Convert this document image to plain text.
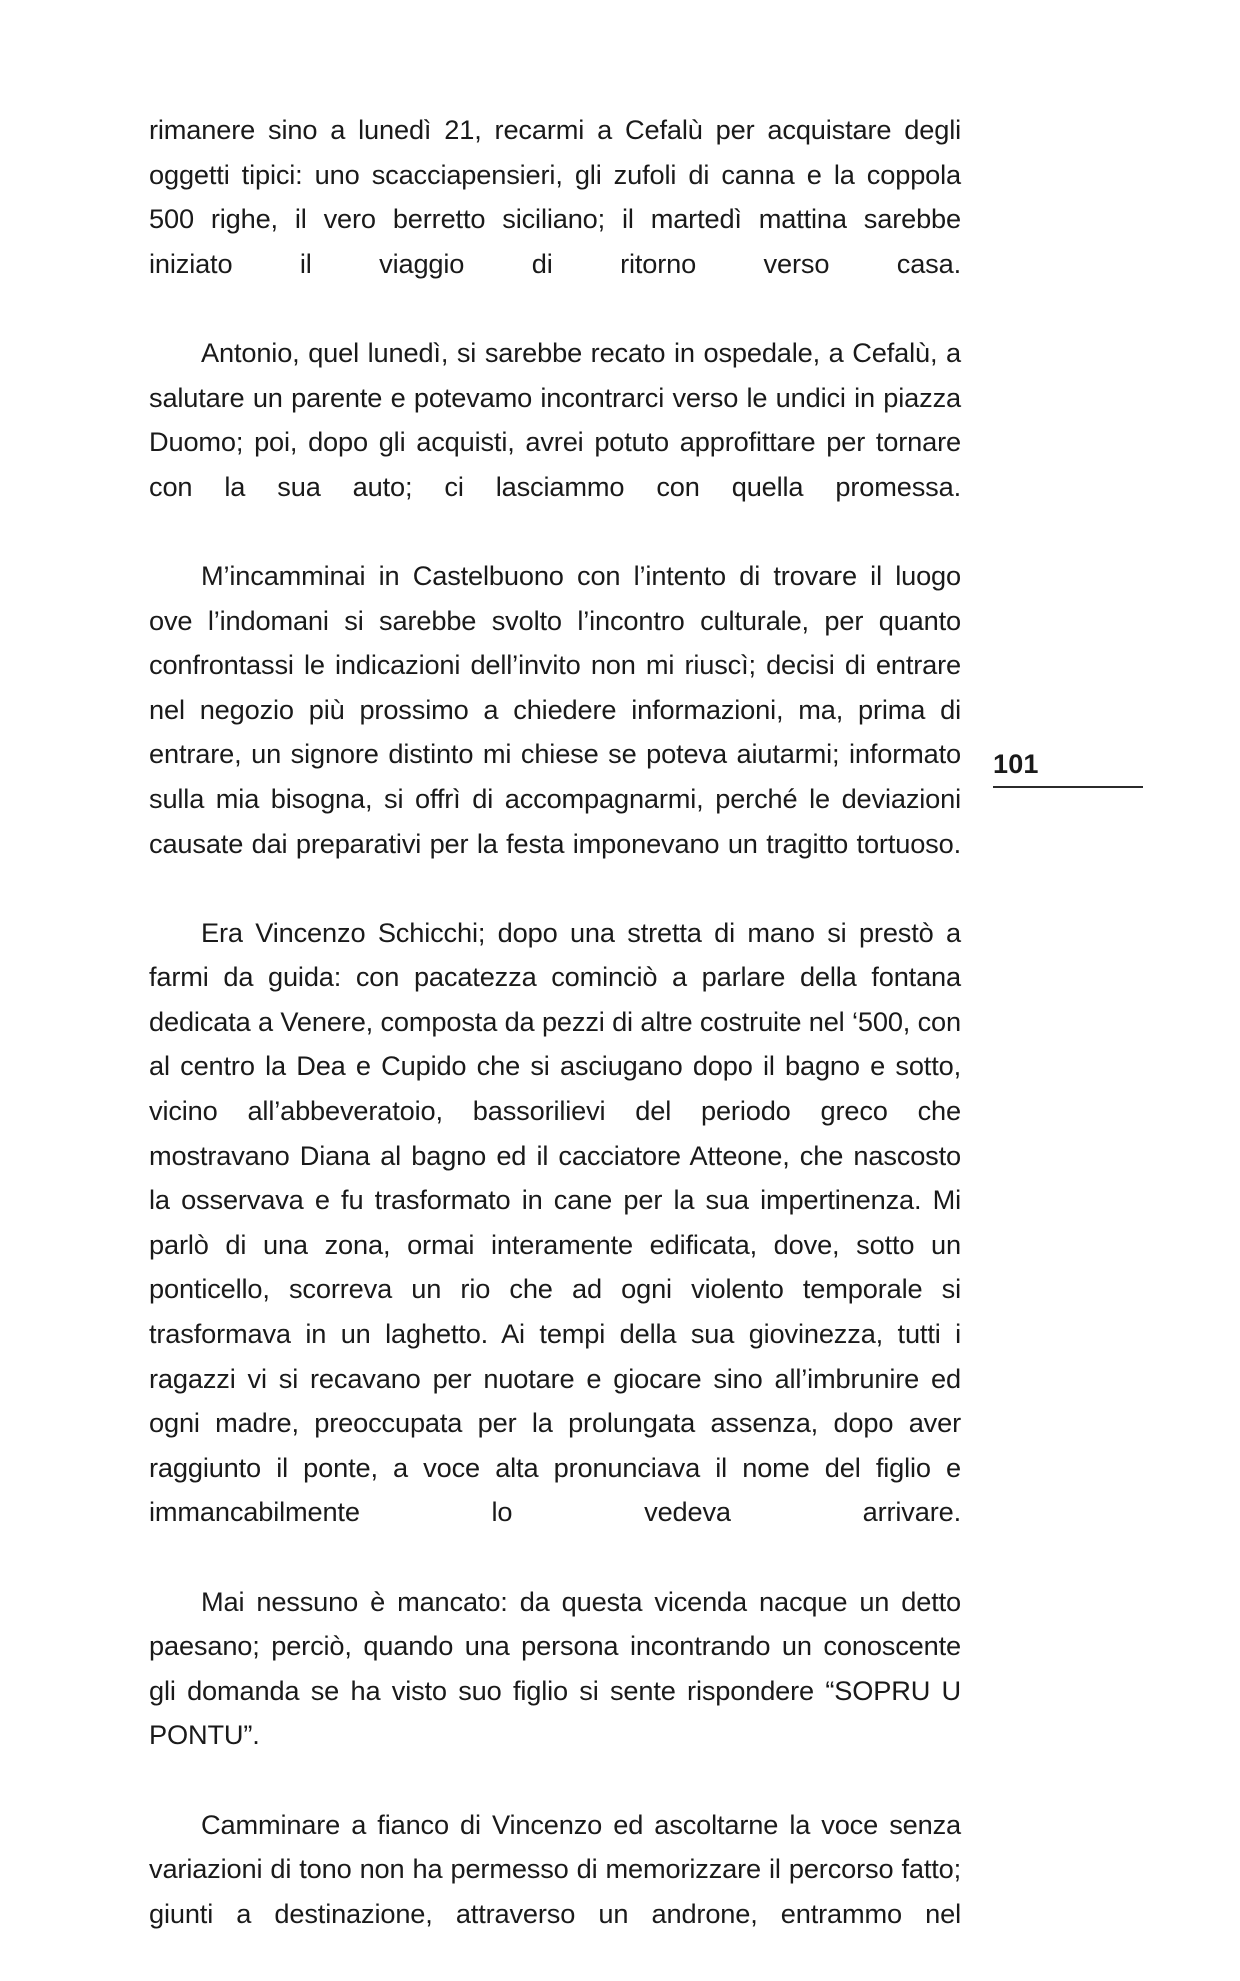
rimanere sino a lunedì 21, recarmi a Cefalù per acquistare degli oggetti tipici: uno scacciapensieri, gli zufoli di canna e la coppola 500 righe, il vero berretto siciliano; il martedì mattina sarebbe iniziato il viaggio di ritorno verso casa.

Antonio, quel lunedì, si sarebbe recato in ospedale, a Cefalù, a salutare un parente e potevamo incontrarci verso le undici in piazza Duomo; poi, dopo gli acquisti, avrei potuto approfittare per tornare con la sua auto; ci lasciammo con quella promessa.

M’incamminai in Castelbuono con l’intento di trovare il luogo ove l’indomani si sarebbe svolto l’incontro culturale, per quanto confrontassi le indicazioni dell’invito non mi riuscì; decisi di entrare nel negozio più prossimo a chiedere informazioni, ma, prima di entrare, un signore distinto mi chiese se poteva aiutarmi; informato sulla mia bisogna, si offrì di accompagnarmi, perché le deviazioni causate dai preparativi per la festa imponevano un tragitto tortuoso.

Era Vincenzo Schicchi; dopo una stretta di mano si prestò a farmi da guida: con pacatezza cominciò a parlare della fontana dedicata a Venere, composta da pezzi di altre costruite nel ‘500, con al centro la Dea e Cupido che si asciugano dopo il bagno e sotto, vicino all’abbeveratoio, bassorilievi del periodo greco che mostravano Diana al bagno ed il cacciatore Atteone, che nascosto la osservava e fu trasformato in cane per la sua impertinenza. Mi parlò di una zona, ormai interamente edificata, dove, sotto un ponticello, scorreva un rio che ad ogni violento temporale si trasformava in un laghetto. Ai tempi della sua giovinezza, tutti i ragazzi vi si recavano per nuotare e giocare sino all’imbrunire ed ogni madre, preoccupata per la prolungata assenza, dopo aver raggiunto il ponte, a voce alta pronunciava il nome del figlio e immancabilmente lo vedeva arrivare.

Mai nessuno è mancato: da questa vicenda nacque un detto paesano; perciò, quando una persona incontrando un conoscente gli domanda se ha visto suo figlio si sente rispondere “SOPRU U PONTU”.

Camminare a fianco di Vincenzo ed ascoltarne la voce senza variazioni di tono non ha permesso di memorizzare il percorso fatto; giunti a destinazione, attraverso un androne, entrammo nel

101
